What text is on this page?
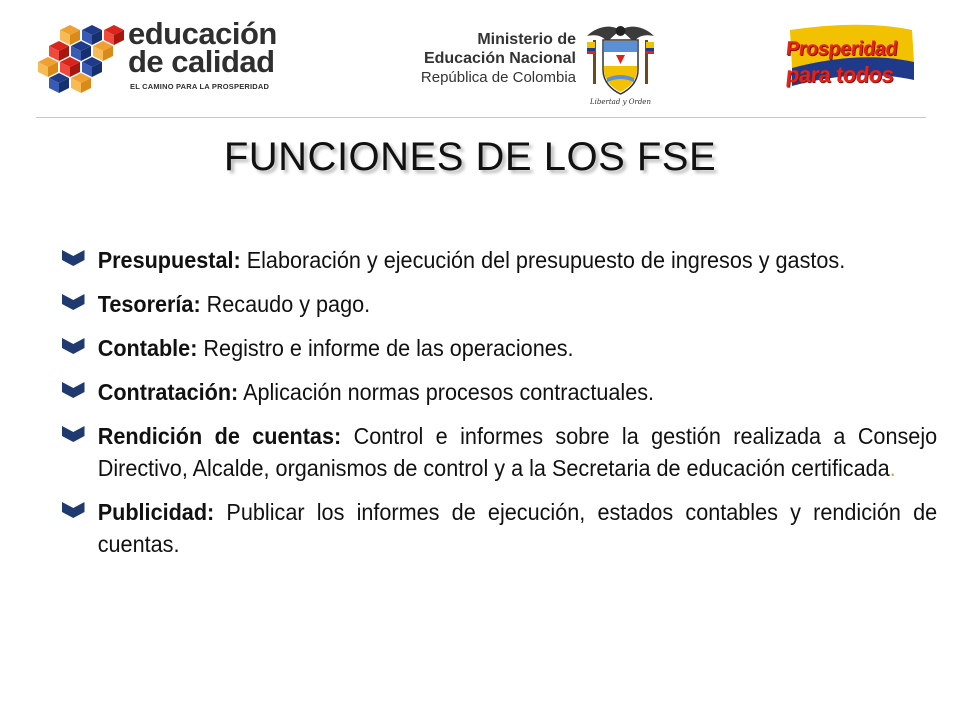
educación
de calidad
EL CAMINO PARA LA PROSPERIDAD
Ministerio de
Educación Nacional
República de Colombia
Libertad y Orden
Prosperidad
para todos
FUNCIONES DE LOS FSE
Presupuestal: Elaboración y ejecución del presupuesto de ingresos y gastos.
Tesorería: Recaudo y pago.
Contable: Registro e informe de las operaciones.
Contratación: Aplicación normas procesos contractuales.
Rendición de cuentas: Control e informes sobre la gestión realizada a Consejo Directivo, Alcalde, organismos de control y a la Secretaria de educación certificada.
Publicidad: Publicar los informes de ejecución, estados contables y rendición de cuentas.
